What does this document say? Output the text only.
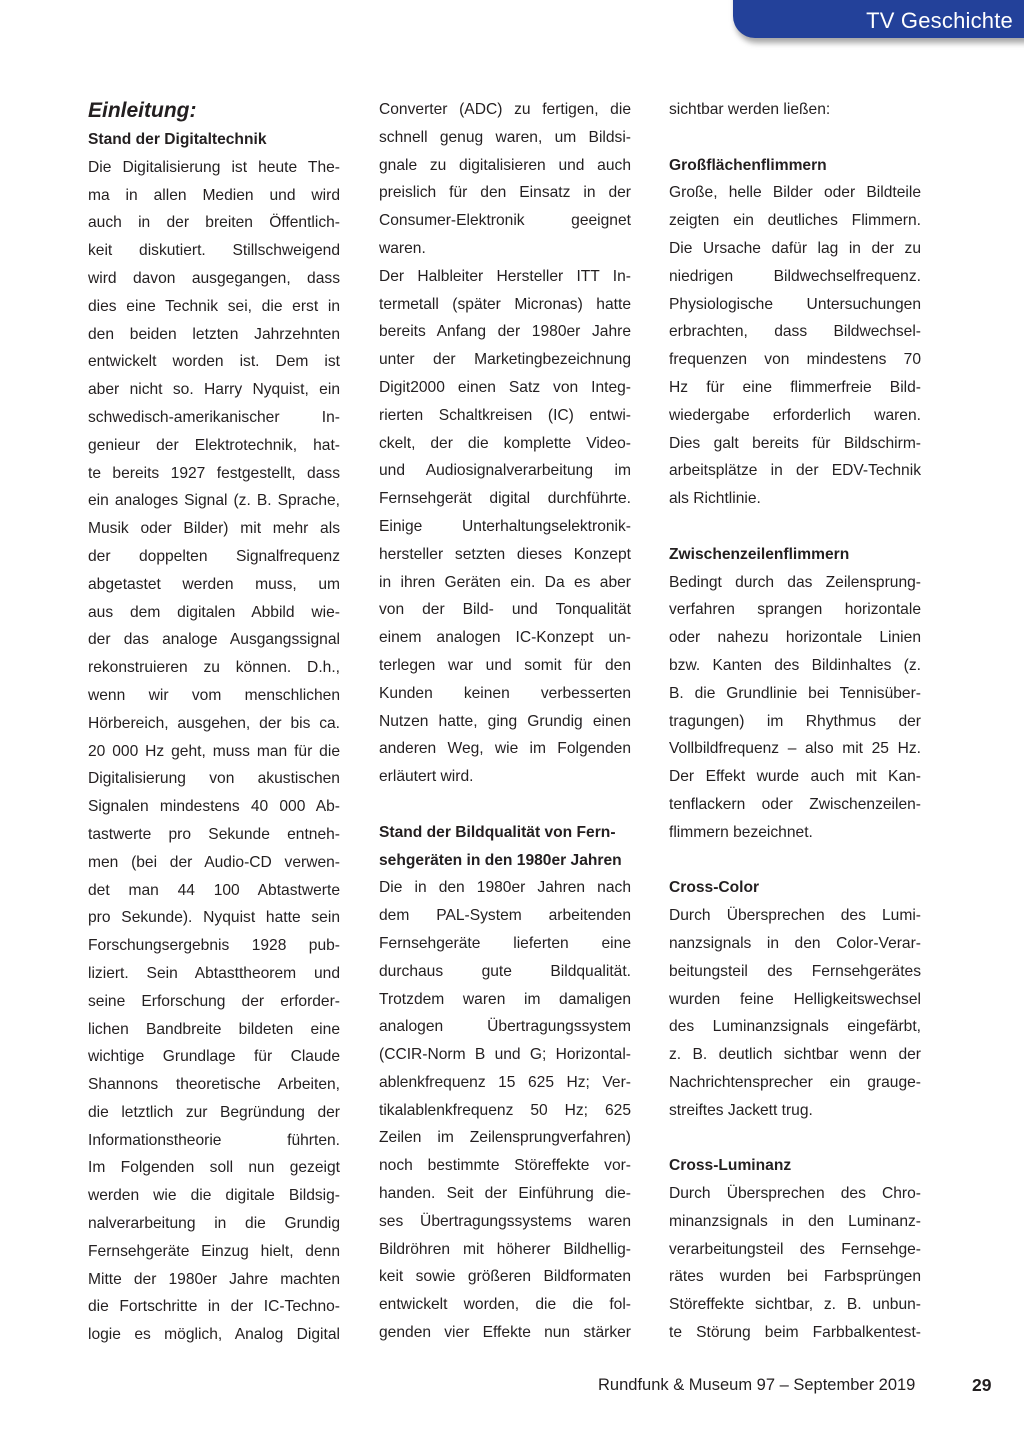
TV Geschichte
Einleitung:
Stand der Digitaltechnik
Die Digitalisierung ist heute The-
ma in allen Medien und wird
auch in der breiten Öffentlich-
keit diskutiert. Stillschweigend
wird davon ausgegangen, dass
dies eine Technik sei, die erst in
den beiden letzten Jahrzehnten
entwickelt worden ist. Dem ist
aber nicht so. Harry Nyquist, ein
schwedisch-amerikanischer In-
genieur der Elektrotechnik, hat-
te bereits 1927 festgestellt, dass
ein analoges Signal (z. B. Sprache,
Musik oder Bilder) mit mehr als
der doppelten Signalfrequenz
abgetastet werden muss, um
aus dem digitalen Abbild wie-
der das analoge Ausgangssignal
rekonstruieren zu können. D.h.,
wenn wir vom menschlichen
Hörbereich, ausgehen, der bis ca.
20 000 Hz geht, muss man für die
Digitalisierung von akustischen
Signalen mindestens 40 000 Ab-
tastwerte pro Sekunde entneh-
men (bei der Audio-CD verwen-
det man 44 100 Abtastwerte
pro Sekunde). Nyquist hatte sein
Forschungsergebnis 1928 pub-
liziert. Sein Abtasttheorem und
seine Erforschung der erforder-
lichen Bandbreite bildeten eine
wichtige Grundlage für Claude
Shannons theoretische Arbeiten,
die letztlich zur Begründung der
Informationstheorie führten.
Im Folgenden soll nun gezeigt
werden wie die digitale Bildsig-
nalverarbeitung in die Grundig
Fernsehgeräte Einzug hielt, denn
Mitte der 1980er Jahre machten
die Fortschritte in der IC-Techno-
logie es möglich, Analog Digital
Converter (ADC) zu fertigen, die
schnell genug waren, um Bildsi-
gnale zu digitalisieren und auch
preislich für den Einsatz in der
Consumer-Elektronik geeignet
waren.
Der Halbleiter Hersteller ITT In-
termetall (später Micronas) hatte
bereits Anfang der 1980er Jahre
unter der Marketingbezeichnung
Digit2000 einen Satz von Integ-
rierten Schaltkreisen (IC) entwi-
ckelt, der die komplette Video-
und Audiosignalverarbeitung im
Fernsehgerät digital durchführte.
Einige Unterhaltungselektronik-
hersteller setzten dieses Konzept
in ihren Geräten ein. Da es aber
von der Bild- und Tonqualität
einem analogen IC-Konzept un-
terlegen war und somit für den
Kunden keinen verbesserten
Nutzen hatte, ging Grundig einen
anderen Weg, wie im Folgenden
erläutert wird.
Stand der Bildqualität von Fern-
sehgeräten in den 1980er Jahren
Die in den 1980er Jahren nach
dem PAL-System arbeitenden
Fernsehgeräte lieferten eine
durchaus gute Bildqualität.
Trotzdem waren im damaligen
analogen Übertragungssystem
(CCIR-Norm B und G; Horizontal-
ablenkfrequenz 15 625 Hz; Ver-
tikalablenkfrequenz 50 Hz; 625
Zeilen im Zeilensprungverfahren)
noch bestimmte Störeffekte vor-
handen. Seit der Einführung die-
ses Übertragungssystems waren
Bildröhren mit höherer Bildhellig-
keit sowie größeren Bildformaten
entwickelt worden, die die fol-
genden vier Effekte nun stärker
sichtbar werden ließen:
Großflächenflimmern
Große, helle Bilder oder Bildteile
zeigten ein deutliches Flimmern.
Die Ursache dafür lag in der zu
niedrigen Bildwechselfrequenz.
Physiologische Untersuchungen
erbrachten, dass Bildwechsel-
frequenzen von mindestens 70
Hz für eine flimmerfreie Bild-
wiedergabe erforderlich waren.
Dies galt bereits für Bildschirm-
arbeitsplätze in der EDV-Technik
als Richtlinie.
Zwischenzeilenflimmern
Bedingt durch das Zeilensprung-
verfahren sprangen horizontale
oder nahezu horizontale Linien
bzw. Kanten des Bildinhaltes (z.
B. die Grundlinie bei Tennisüber-
tragungen) im Rhythmus der
Vollbildfrequenz – also mit 25 Hz.
Der Effekt wurde auch mit Kan-
tenflackern oder Zwischenzeilen-
flimmern bezeichnet.
Cross-Color
Durch Übersprechen des Lumi-
nanzsignals in den Color-Verar-
beitungsteil des Fernsehgerätes
wurden feine Helligkeitswechsel
des Luminanzsignals eingefärbt,
z. B. deutlich sichtbar wenn der
Nachrichtensprecher ein grauge-
streiftes Jackett trug.
Cross-Luminanz
Durch Übersprechen des Chro-
minanzsignals in den Luminanz-
verarbeitungsteil des Fernsehge-
rätes wurden bei Farbsprüngen
Störeffekte sichtbar, z. B. unbun-
te Störung beim Farbbalkentest-
Rundfunk & Museum 97 – September 2019	29
